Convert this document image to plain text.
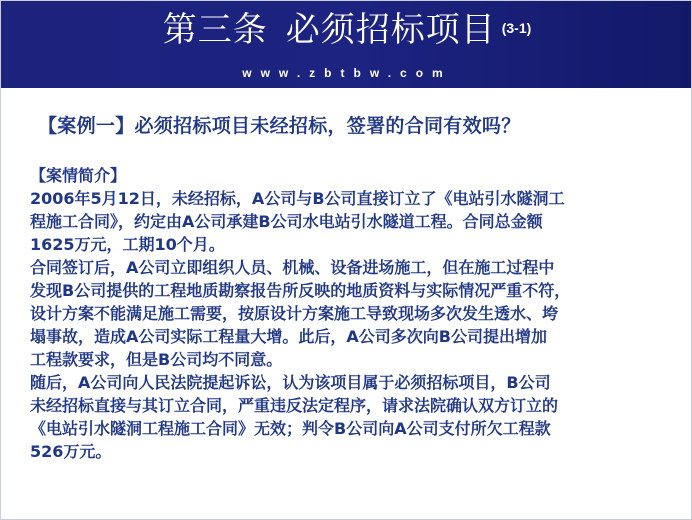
第三条 必须招标项目 (3-1)
www.zbtbw.com
【案例一】必须招标项目未经招标，签署的合同有效吗？
【案情简介】
2006年5月12日，未经招标，A公司与B公司直接订立了《电站引水隧洞工
程施工合同》，约定由A公司承建B公司水电站引水隧道工程。合同总金额
1625万元，工期10个月。
合同签订后，A公司立即组织人员、机械、设备进场施工，但在施工过程中
发现B公司提供的工程地质勘察报告所反映的地质资料与实际情况严重不符，
设计方案不能满足施工需要，按原设计方案施工导致现场多次发生透水、垮
塌事故，造成A公司实际工程量大增。此后，A公司多次向B公司提出增加
工程款要求，但是B公司均不同意。
随后，A公司向人民法院提起诉讼，认为该项目属于必须招标项目，B公司
未经招标直接与其订立合同，严重违反法定程序，请求法院确认双方订立的
《电站引水隧洞工程施工合同》无效；判令B公司向A公司支付所欠工程款
526万元。
